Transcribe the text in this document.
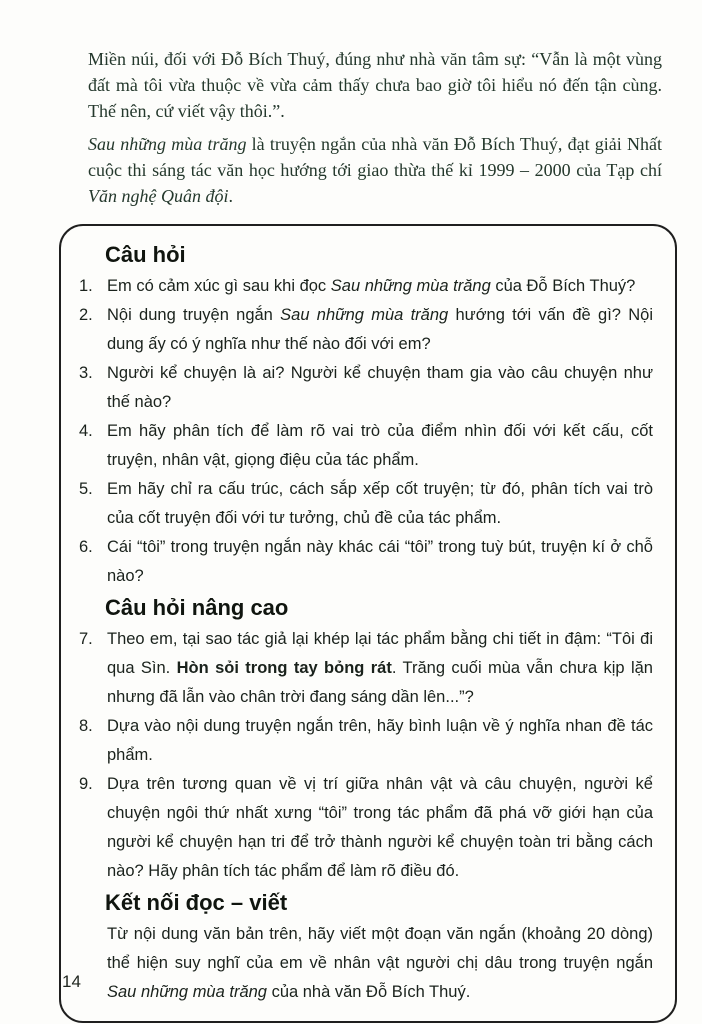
Miền núi, đối với Đỗ Bích Thuý, đúng như nhà văn tâm sự: “Vẫn là một vùng đất mà tôi vừa thuộc về vừa cảm thấy chưa bao giờ tôi hiểu nó đến tận cùng. Thế nên, cứ viết vậy thôi.”.

Sau những mùa trăng là truyện ngắn của nhà văn Đỗ Bích Thuý, đạt giải Nhất cuộc thi sáng tác văn học hướng tới giao thừa thế kỉ 1999 – 2000 của Tạp chí Văn nghệ Quân đội.

Câu hỏi
1. Em có cảm xúc gì sau khi đọc Sau những mùa trăng của Đỗ Bích Thuý?
2. Nội dung truyện ngắn Sau những mùa trăng hướng tới vấn đề gì? Nội dung ấy có ý nghĩa như thế nào đối với em?
3. Người kể chuyện là ai? Người kể chuyện tham gia vào câu chuyện như thế nào?
4. Em hãy phân tích để làm rõ vai trò của điểm nhìn đối với kết cấu, cốt truyện, nhân vật, giọng điệu của tác phẩm.
5. Em hãy chỉ ra cấu trúc, cách sắp xếp cốt truyện; từ đó, phân tích vai trò của cốt truyện đối với tư tưởng, chủ đề của tác phẩm.
6. Cái “tôi” trong truyện ngắn này khác cái “tôi” trong tuỳ bút, truyện kí ở chỗ nào?
Câu hỏi nâng cao
7. Theo em, tại sao tác giả lại khép lại tác phẩm bằng chi tiết in đậm: “Tôi đi qua Sìn. Hòn sỏi trong tay bỏng rát. Trăng cuối mùa vẫn chưa kịp lặn nhưng đã lẫn vào chân trời đang sáng dần lên...”?
8. Dựa vào nội dung truyện ngắn trên, hãy bình luận về ý nghĩa nhan đề tác phẩm.
9. Dựa trên tương quan về vị trí giữa nhân vật và câu chuyện, người kể chuyện ngôi thứ nhất xưng “tôi” trong tác phẩm đã phá vỡ giới hạn của người kể chuyện hạn tri để trở thành người kể chuyện toàn tri bằng cách nào? Hãy phân tích tác phẩm để làm rõ điều đó.
Kết nối đọc – viết

Từ nội dung văn bản trên, hãy viết một đoạn văn ngắn (khoảng 20 dòng) thể hiện suy nghĩ của em về nhân vật người chị dâu trong truyện ngắn Sau những mùa trăng của nhà văn Đỗ Bích Thuý.

14
